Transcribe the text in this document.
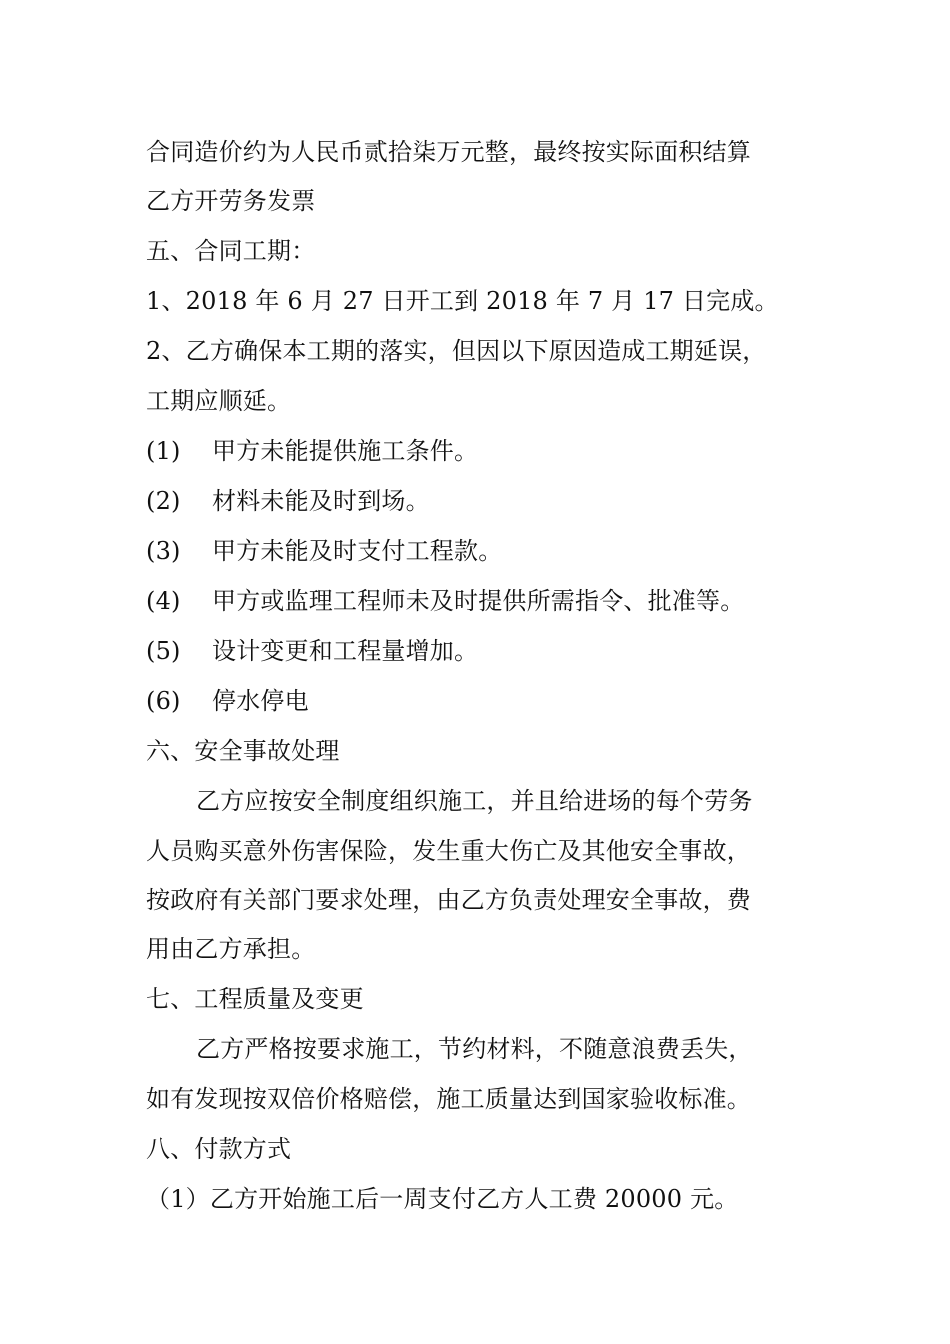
合同造价约为人民币贰拾柒万元整，最终按实际面积结算
乙方开劳务发票
五、合同工期：
1、2018 年 6 月 27 日开工到 2018 年 7 月 17 日完成。
2、乙方确保本工期的落实，但因以下原因造成工期延误，
工期应顺延。
(1) 甲方未能提供施工条件。
(2) 材料未能及时到场。
(3) 甲方未能及时支付工程款。
(4) 甲方或监理工程师未及时提供所需指令、批准等。
(5) 设计变更和工程量增加。
(6) 停水停电
六、安全事故处理
乙方应按安全制度组织施工，并且给进场的每个劳务
人员购买意外伤害保险，发生重大伤亡及其他安全事故，
按政府有关部门要求处理，由乙方负责处理安全事故，费
用由乙方承担。
七、工程质量及变更
乙方严格按要求施工，节约材料，不随意浪费丢失，
如有发现按双倍价格赔偿，施工质量达到国家验收标准。
八、付款方式
（1）乙方开始施工后一周支付乙方人工费 20000 元。
